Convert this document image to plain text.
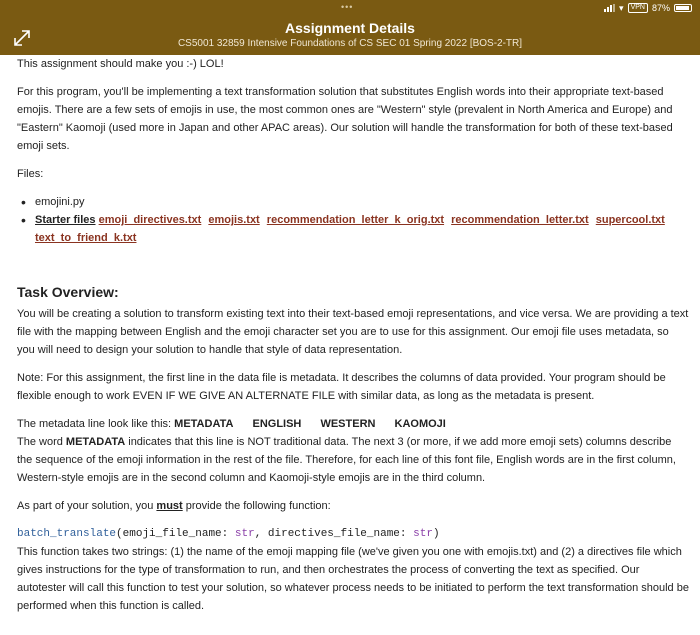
•••	▾	VPN 87%
Assignment Details
CS5001 32859 Intensive Foundations of CS SEC 01 Spring 2022 [BOS-2-TR]

This assignment should make you :-) LOL!

For this program, you'll be implementing a text transformation solution that substitutes English words into their appropriate text-based emojis. There are a few sets of emojis in use, the most common ones are "Western" style (prevalent in North America and Europe) and "Eastern" Kaomoji (used more in Japan and other APAC areas). Our solution will handle the transformation for both of these text-based emoji sets.

Files:

• emojini.py
• Starter files emoji_directives.txt emojis.txt recommendation_letter_k_orig.txt recommendation_letter.txt supercool.txt text_to_friend_k.txt
Task Overview:

You will be creating a solution to transform existing text into their text-based emoji representations, and vice versa. We are providing a text file with the mapping between English and the emoji character set you are to use for this assignment. Our emoji file uses metadata, so you will need to design your solution to handle that style of data representation.

Note: For this assignment, the first line in the data file is metadata. It describes the columns of data provided. Your program should be flexible enough to work EVEN IF WE GIVE AN ALTERNATE FILE with similar data, as long as the metadata is present.

The metadata line look like this: METADATA ENGLISH WESTERN KAOMOJI

The word METADATA indicates that this line is NOT traditional data. The next 3 (or more, if we add more emoji sets) columns describe the sequence of the emoji information in the rest of the file. Therefore, for each line of this font file, English words are in the first column, Western-style emojis are in the second column and Kaomoji-style emojis are in the third column.

As part of your solution, you must provide the following function:

batch_translate(emoji_file_name: str, directives_file_name: str)

This function takes two strings: (1) the name of the emoji mapping file (we've given you one with emojis.txt) and (2) a directives file which gives instructions for the type of transformation to run, and then orchestrates the process of converting the text as specified. Our autotester will call this function to test your solution, so whatever process needs to be initiated to perform the text transformation should be performed when this function is called.
